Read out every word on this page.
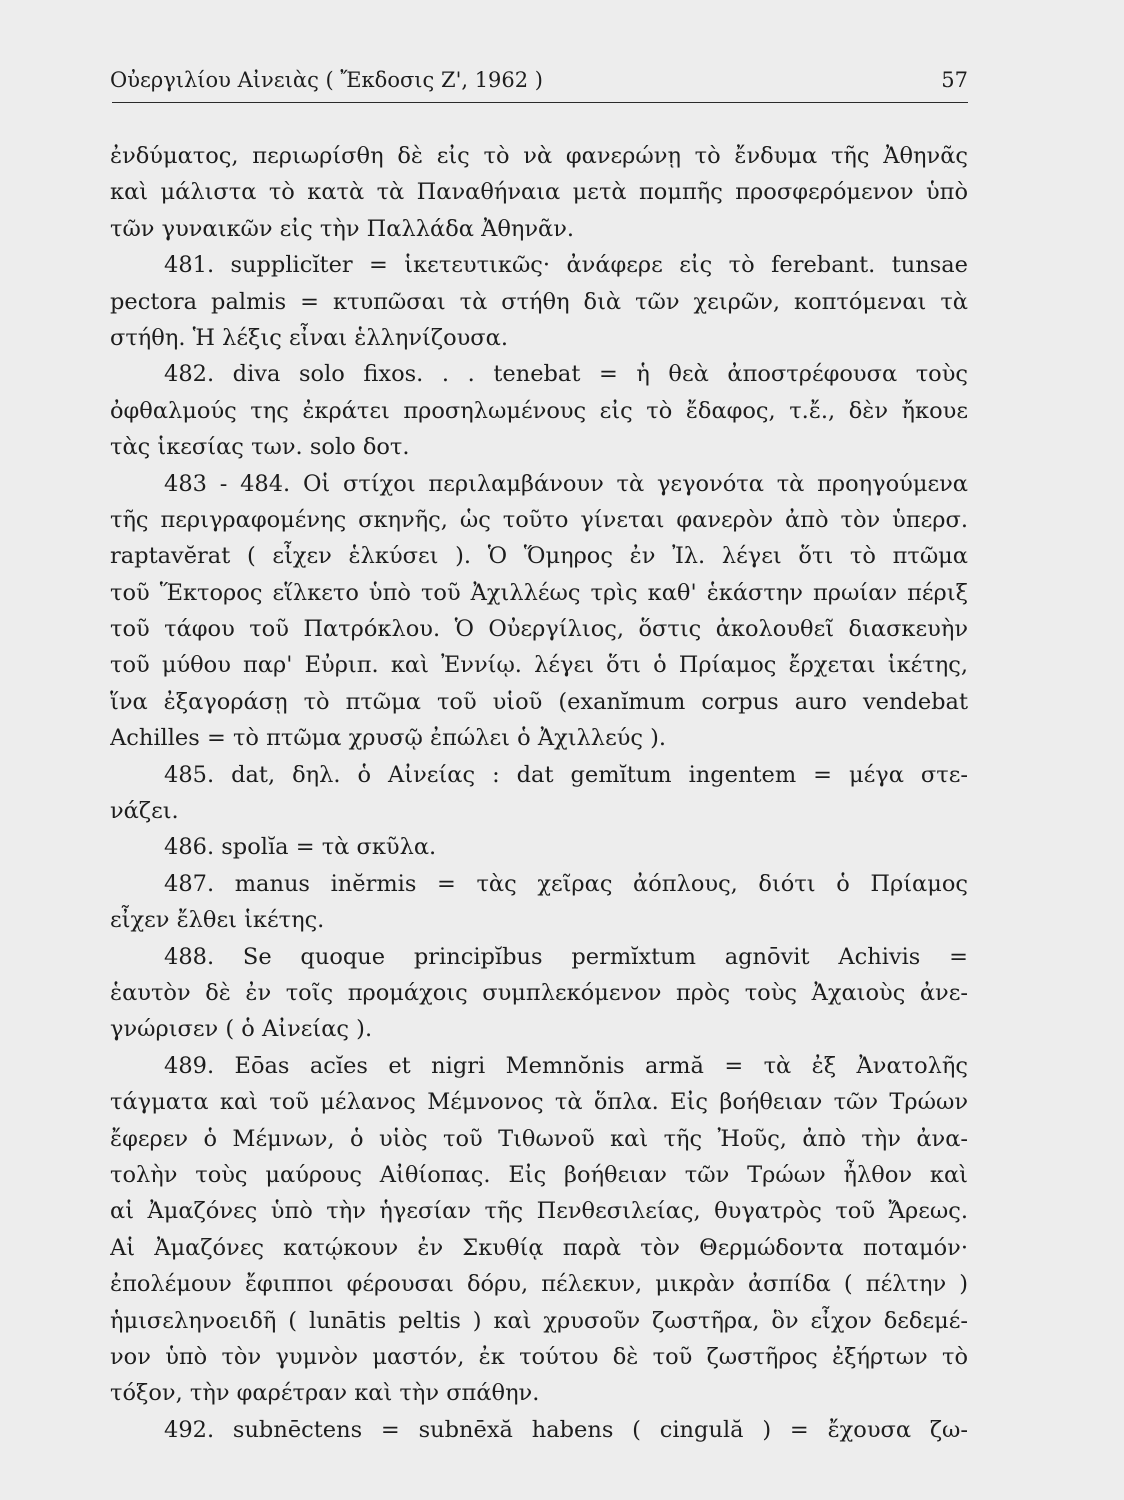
Οὐεργιλίου Αἰνειὰς ( Ἔκδοσις Ζ', 1962 )	57
ἐνδύματος, περιωρίσθη δὲ εἰς τὸ νὰ φανερώνῃ τὸ ἔνδυμα τῆς Ἀθηνᾶς
καὶ μάλιστα τὸ κατὰ τὰ Παναθήναια μετὰ πομπῆς προσφερόμενον ὑπὸ
τῶν γυναικῶν εἰς τὴν Παλλάδα Ἀθηνᾶν.
481. supplicĭter = ἱκετευτικῶς· ἀνάφερε εἰς τὸ ferebant. tunsae
pectora palmis = κτυπῶσαι τὰ στήθη διὰ τῶν χειρῶν, κοπτόμεναι τὰ
στήθη. Ἡ λέξις εἶναι ἑλληνίζουσα.
482. diva solo fixos. . . tenebat = ἡ θεὰ ἀποστρέφουσα τοὺς
ὀφθαλμούς της ἐκράτει προσηλωμένους εἰς τὸ ἔδαφος, τ.ἔ., δὲν ἤκουε
τὰς ἱκεσίας των. solo δοτ.
483 - 484. Οἱ στίχοι περιλαμβάνουν τὰ γεγονότα τὰ προηγούμενα
τῆς περιγραφομένης σκηνῆς, ὡς τοῦτο γίνεται φανερὸν ἀπὸ τὸν ὑπερσ.
raptavĕrat ( εἶχεν ἑλκύσει ). Ὁ Ὅμηρος ἐν Ἰλ. λέγει ὅτι τὸ πτῶμα
τοῦ Ἕκτορος εἵλκετο ὑπὸ τοῦ Ἀχιλλέως τρὶς καθ' ἑκάστην πρωίαν πέριξ
τοῦ τάφου τοῦ Πατρόκλου. Ὁ Οὐεργίλιος, ὅστις ἀκολουθεῖ διασκευὴν
τοῦ μύθου παρ' Εὐριπ. καὶ Ἐννίῳ. λέγει ὅτι ὁ Πρίαμος ἔρχεται ἱκέτης,
ἵνα ἐξαγοράσῃ τὸ πτῶμα τοῦ υἱοῦ (exanĭmum corpus auro vendebat
Achilles = τὸ πτῶμα χρυσῷ ἐπώλει ὁ Ἀχιλλεύς ).
485. dat, δηλ. ὁ Αἰνείας : dat gemĭtum ingentem = μέγα στε-
νάζει.
486. spolĭa = τὰ σκῦλα.
487. manus inĕrmis = τὰς χεῖρας ἀόπλους, διότι ὁ Πρίαμος
εἶχεν ἔλθει ἱκέτης.
488. Se quoque principĭbus permĭxtum agnōvit Achivis =
ἑαυτὸν δὲ ἐν τοῖς προμάχοις συμπλεκόμενον πρὸς τοὺς Ἀχαιοὺς ἀνε-
γνώρισεν ( ὁ Αἰνείας ).
489. Eōas acĭes et nigri Memnŏnis armă = τὰ ἐξ Ἀνατολῆς
τάγματα καὶ τοῦ μέλανος Μέμνονος τὰ ὅπλα. Εἰς βοήθειαν τῶν Τρώων
ἔφερεν ὁ Μέμνων, ὁ υἱὸς τοῦ Τιθωνοῦ καὶ τῆς Ἠοῦς, ἀπὸ τὴν ἀνα-
τολὴν τοὺς μαύρους Αἰθίοπας. Εἰς βοήθειαν τῶν Τρώων ἦλθον καὶ
αἱ Ἀμαζόνες ὑπὸ τὴν ἡγεσίαν τῆς Πενθεσιλείας, θυγατρὸς τοῦ Ἄρεως.
Αἱ Ἀμαζόνες κατῴκουν ἐν Σκυθίᾳ παρὰ τὸν Θερμώδοντα ποταμόν·
ἐπολέμουν ἔφιπποι φέρουσαι δόρυ, πέλεκυν, μικρὰν ἀσπίδα ( πέλτην )
ἡμισεληνοειδῆ ( lunātis peltis ) καὶ χρυσοῦν ζωστῆρα, ὃν εἶχον δεδεμέ-
νον ὑπὸ τὸν γυμνὸν μαστόν, ἐκ τούτου δὲ τοῦ ζωστῆρος ἐξήρτων τὸ
τόξον, τὴν φαρέτραν καὶ τὴν σπάθην.
492. subnēctens = subnēxă habens ( cingulă ) = ἔχουσα ζω-
